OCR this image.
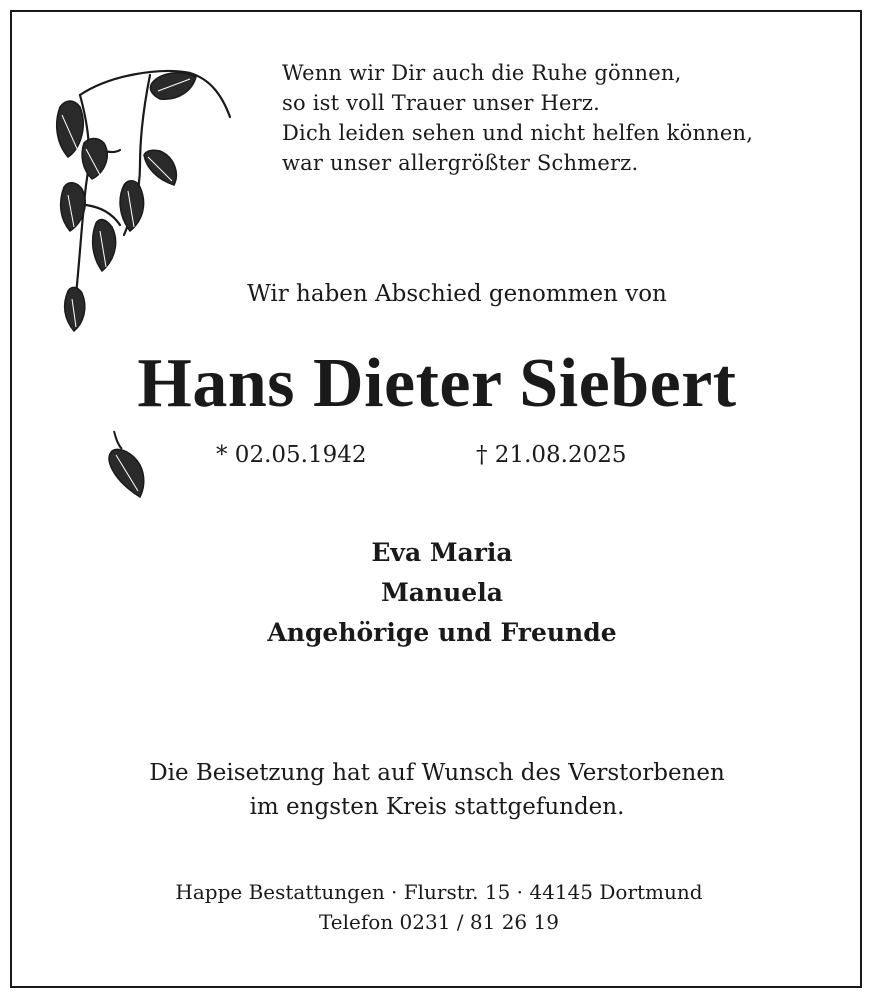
Wenn wir Dir auch die Ruhe gönnen,
so ist voll Trauer unser Herz.
Dich leiden sehen und nicht helfen können,
war unser allergrößter Schmerz.
Wir haben Abschied genommen von
Hans Dieter Siebert
* 02.05.1942	† 21.08.2025
Eva Maria
Manuela
Angehörige und Freunde
Die Beisetzung hat auf Wunsch des Verstorbenen
im engsten Kreis stattgefunden.
Happe Bestattungen · Flurstr. 15 · 44145 Dortmund
Telefon 0231 / 81 26 19
